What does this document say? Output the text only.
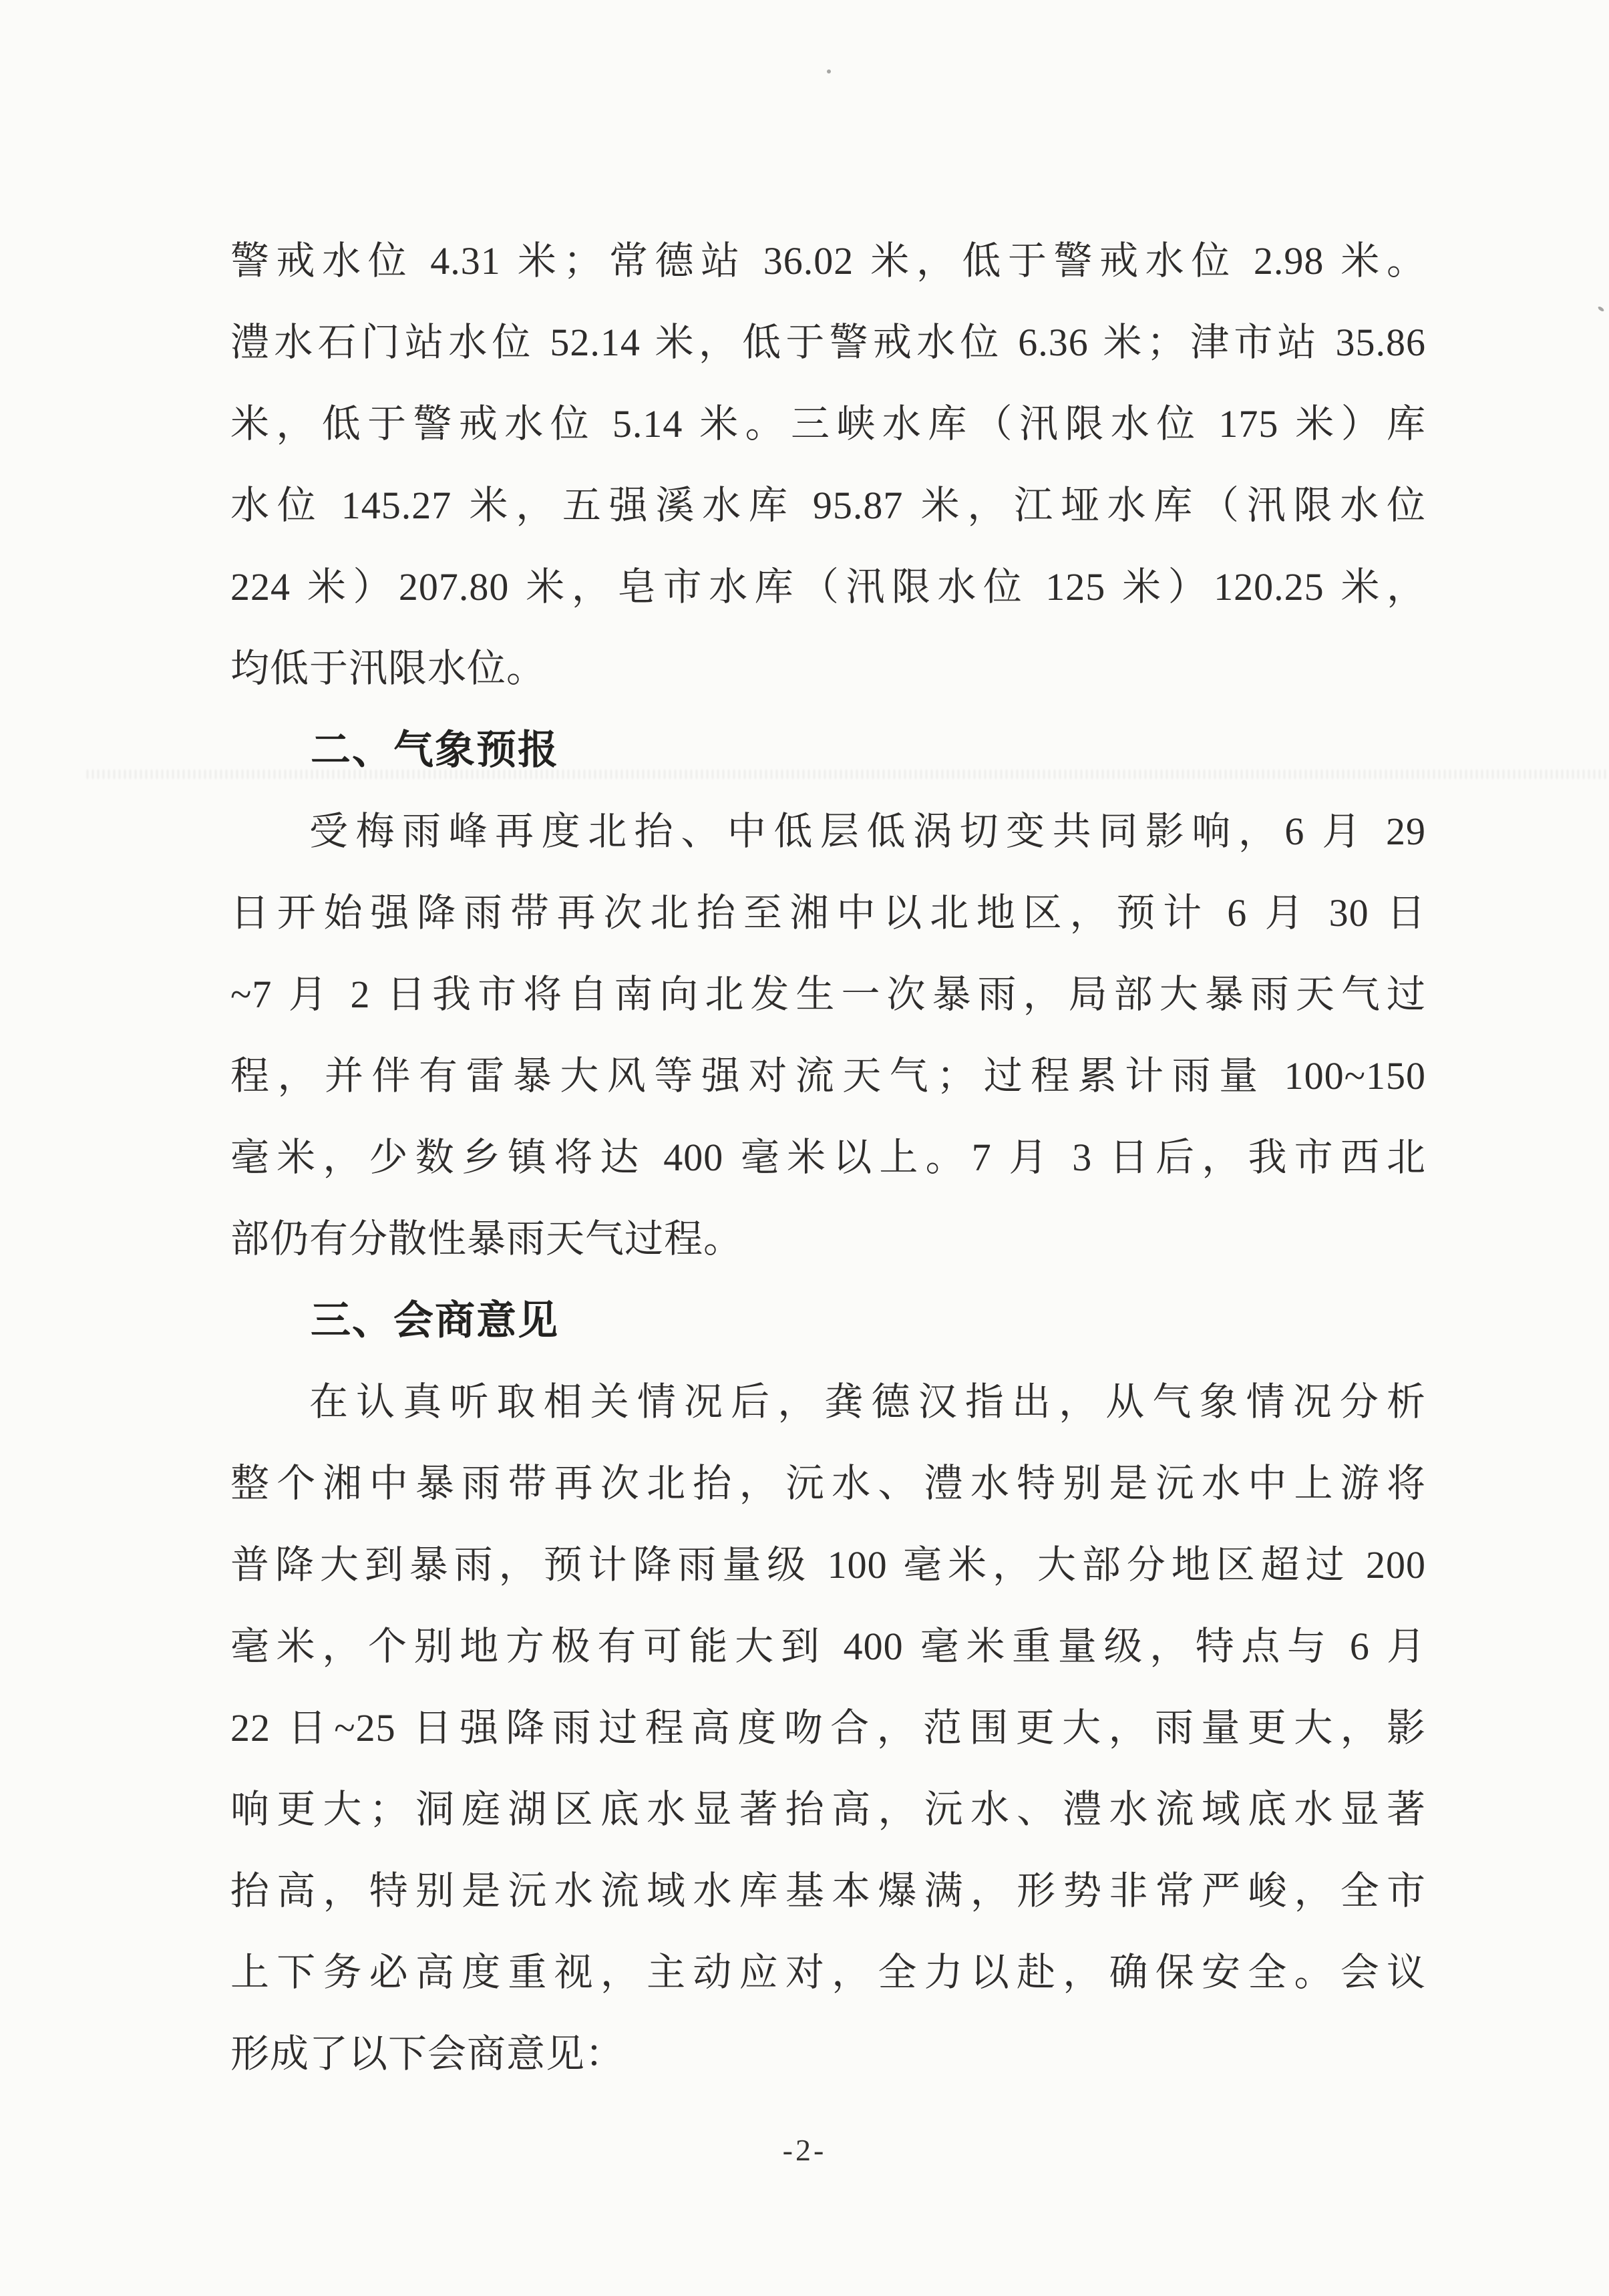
警戒水位 4.31 米；常德站 36.02 米，低于警戒水位 2.98 米。
澧水石门站水位 52.14 米，低于警戒水位 6.36 米；津市站 35.86
米，低于警戒水位 5.14 米。三峡水库（汛限水位 175 米）库
水位 145.27 米，五强溪水库 95.87 米，江垭水库（汛限水位
224 米）207.80 米，皂市水库（汛限水位 125 米）120.25 米，
均低于汛限水位。
二、气象预报
受梅雨峰再度北抬、中低层低涡切变共同影响，6 月 29
日开始强降雨带再次北抬至湘中以北地区，预计 6 月 30 日
~7 月 2 日我市将自南向北发生一次暴雨，局部大暴雨天气过
程，并伴有雷暴大风等强对流天气；过程累计雨量 100~150
毫米，少数乡镇将达 400 毫米以上。7 月 3 日后，我市西北
部仍有分散性暴雨天气过程。
三、会商意见
在认真听取相关情况后，龚德汉指出，从气象情况分析
整个湘中暴雨带再次北抬，沅水、澧水特别是沅水中上游将
普降大到暴雨，预计降雨量级 100 毫米，大部分地区超过 200
毫米，个别地方极有可能大到 400 毫米重量级，特点与 6 月
22 日~25 日强降雨过程高度吻合，范围更大，雨量更大，影
响更大；洞庭湖区底水显著抬高，沅水、澧水流域底水显著
抬高，特别是沅水流域水库基本爆满，形势非常严峻，全市
上下务必高度重视，主动应对，全力以赴，确保安全。会议
形成了以下会商意见：
-2-
